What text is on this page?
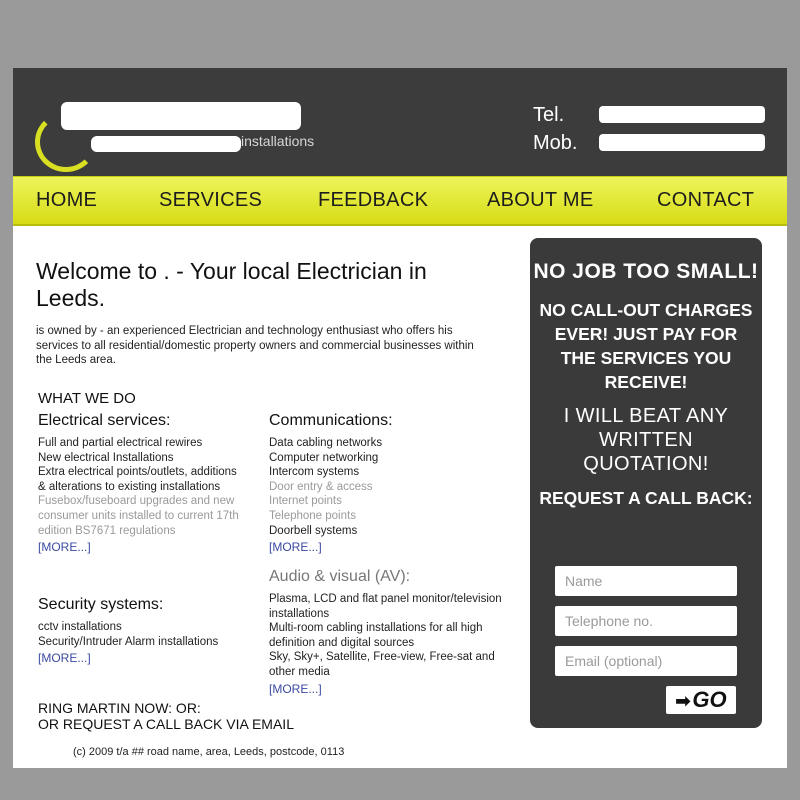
installations
Tel.
Mob.
HOME	SERVICES	FEEDBACK	ABOUT ME	CONTACT
Welcome to . - Your local Electrician in Leeds.

is owned by - an experienced Electrician and technology enthusiast who offers his services to all residential/domestic property owners and commercial businesses within the Leeds area.

WHAT WE DO
Electrical services:
Full and partial electrical rewires
New electrical Installations
Extra electrical points/outlets, additions & alterations to existing installations
Fusebox/fuseboard upgrades and new consumer units installed to current 17th edition BS7671 regulations
[MORE...]
Communications:
Data cabling networks
Computer networking
Intercom systems
Door entry & access
Internet points
Telephone points
Doorbell systems
[MORE...]
Audio & visual (AV):
Plasma, LCD and flat panel monitor/television installations
Multi-room cabling installations for all high definition and digital sources
Sky, Sky+, Satellite, Free-view, Free-sat and other media
[MORE...]
Security systems:
cctv installations
Security/Intruder Alarm installations
[MORE...]
RING MARTIN NOW: OR:
OR REQUEST A CALL BACK VIA EMAIL
(c) 2009 t/a ## road name, area, Leeds, postcode, 0113
NO JOB TOO SMALL!
NO CALL-OUT CHARGES EVER! JUST PAY FOR THE SERVICES YOU RECEIVE!
I WILL BEAT ANY WRITTEN QUOTATION!
REQUEST A CALL BACK:
Name
Telephone no.
Email (optional)
➡GO
